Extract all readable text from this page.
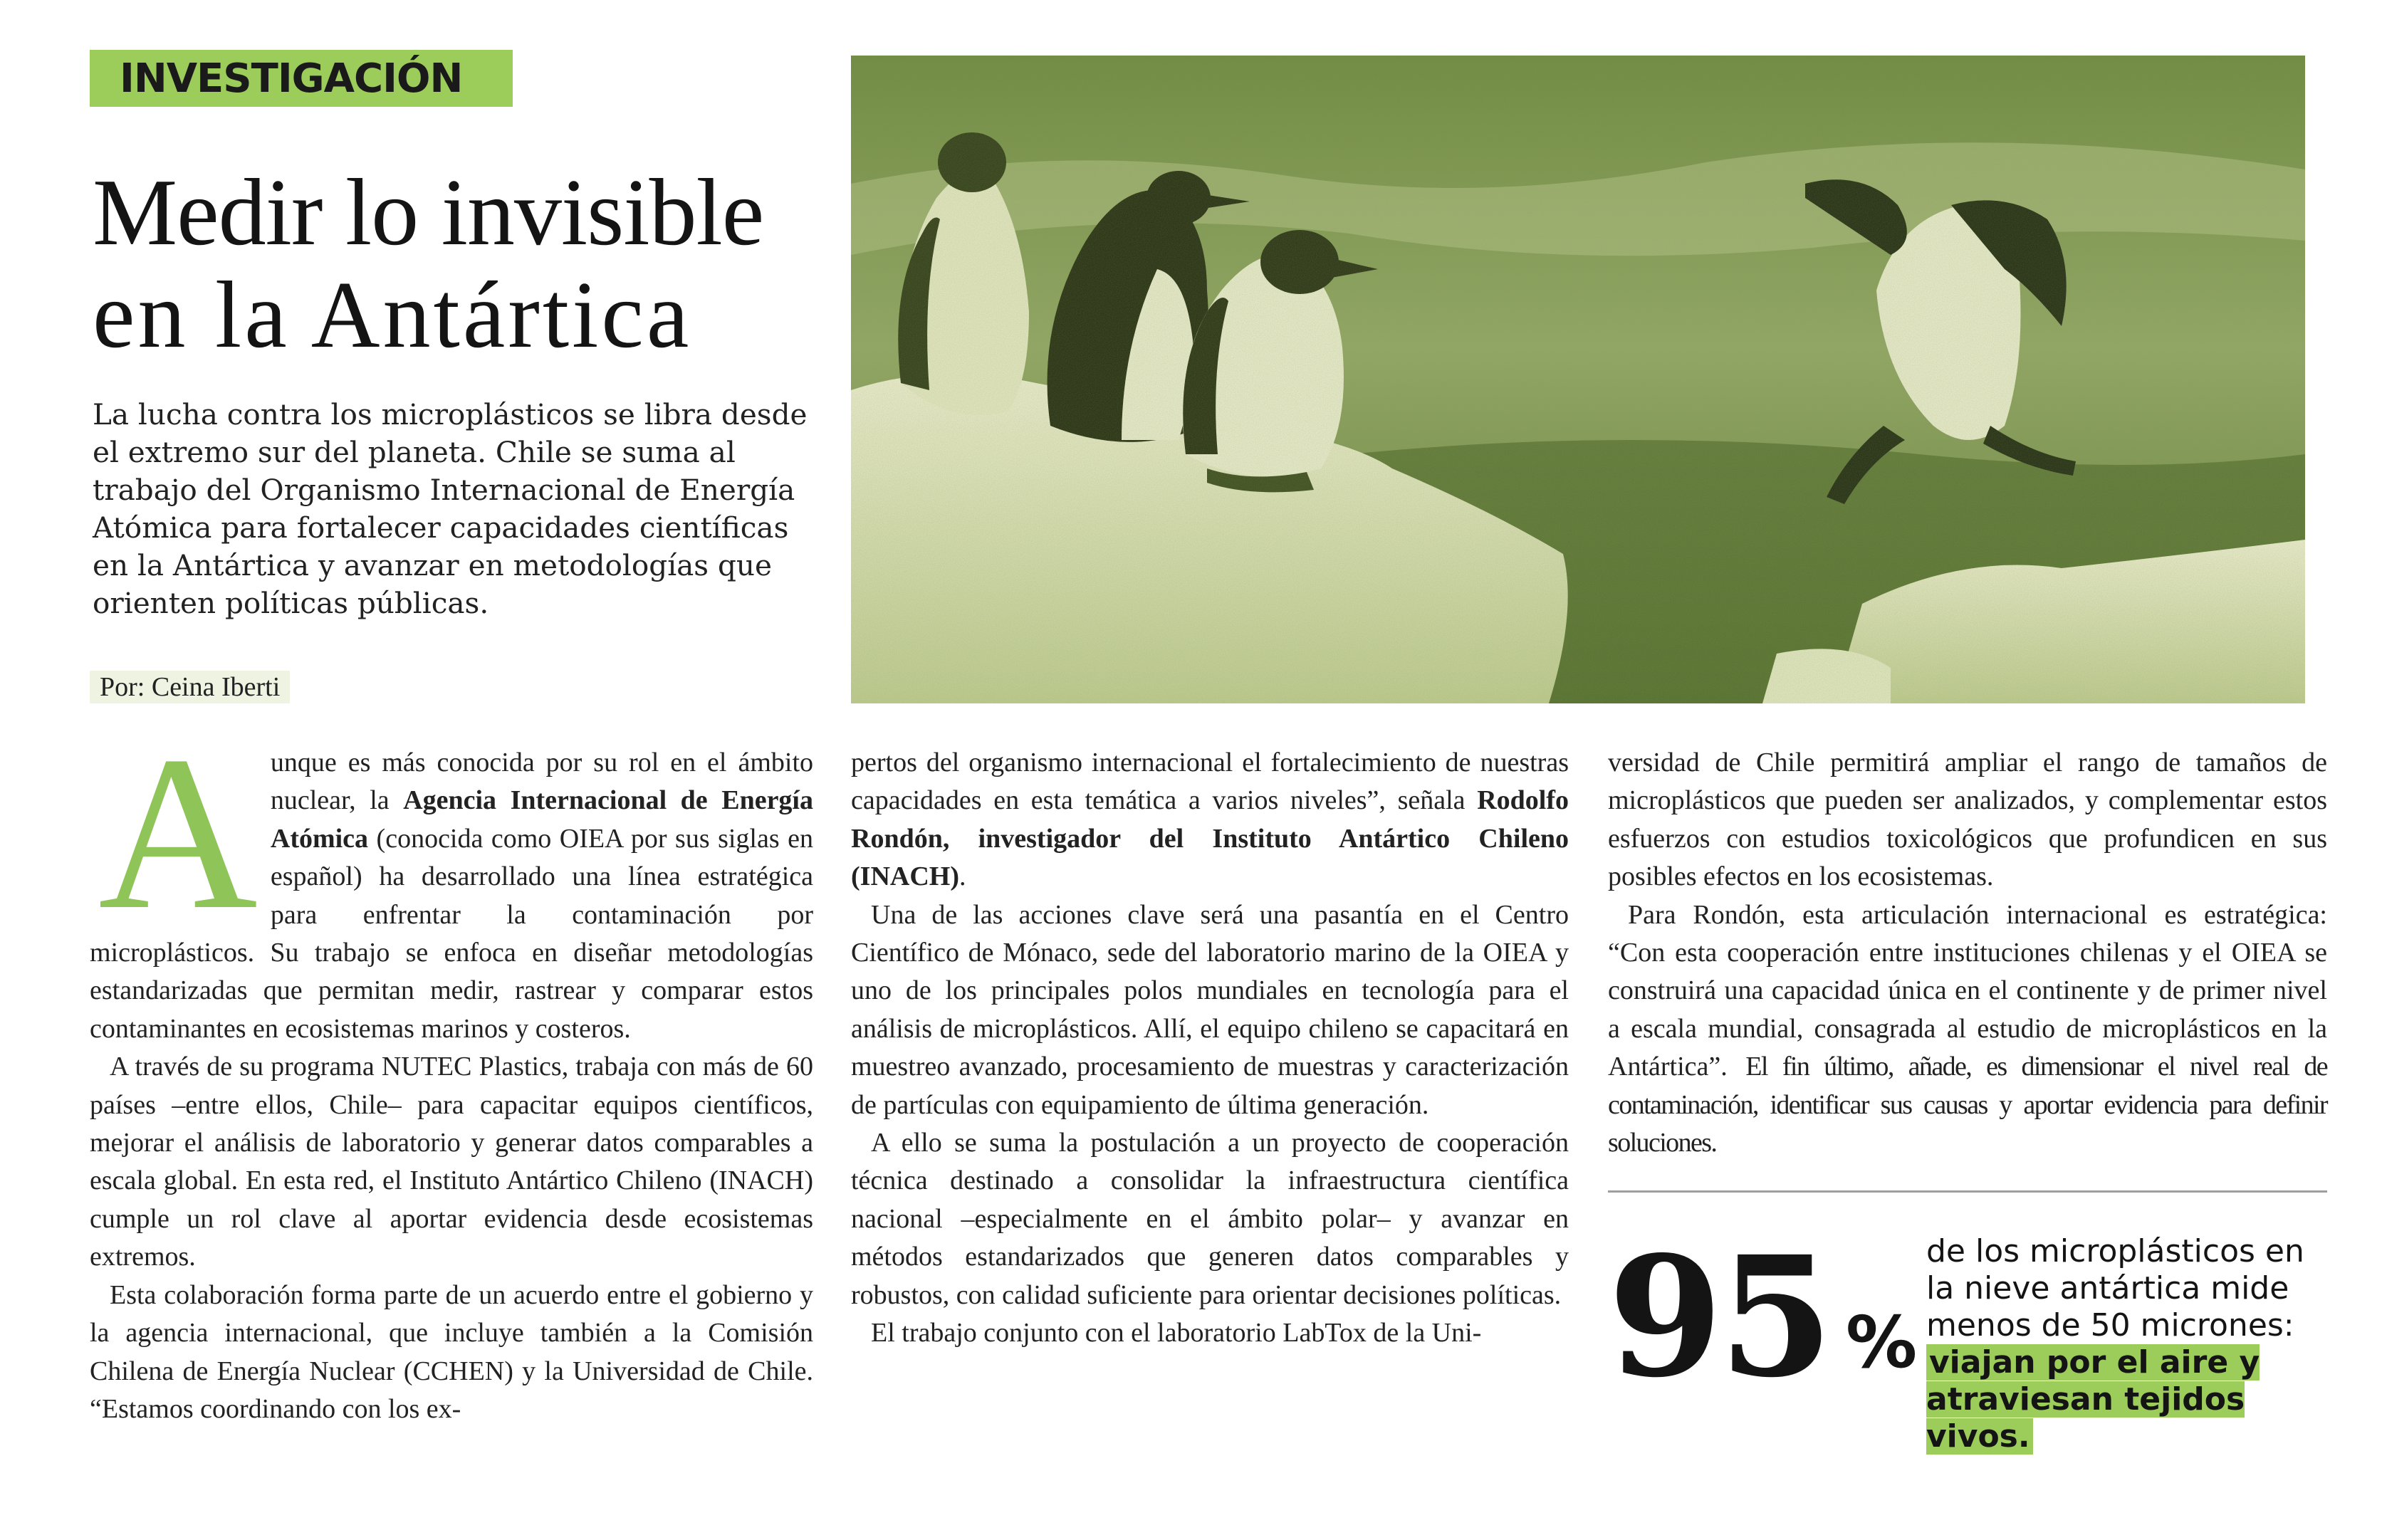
INVESTIGACIÓN
Medir lo invisible
en la Antártica

La lucha contra los microplásticos se libra desde el extremo sur del planeta. Chile se suma al trabajo del Organismo Internacional de Energía Atómica para fortalecer capacidades científicas en la Antártica y avanzar en metodologías que orienten políticas públicas.

Por: Ceina Iberti

Aunque es más conocida por su rol en el ámbito nuclear, la Agencia Internacional de Energía Atómica (conocida como OIEA por sus siglas en español) ha desarrollado una línea estratégica para enfrentar la contaminación por microplásticos. Su trabajo se enfoca en diseñar metodologías estandarizadas que permitan medir, rastrear y comparar estos contaminantes en ecosistemas marinos y costeros.

A través de su programa NUTEC Plastics, trabaja con más de 60 países –entre ellos, Chile– para capacitar equipos científicos, mejorar el análisis de laboratorio y generar datos comparables a escala global. En esta red, el Instituto Antártico Chileno (INACH) cumple un rol clave al aportar evidencia desde ecosistemas extremos.

Esta colaboración forma parte de un acuerdo entre el gobierno y la agencia internacional, que incluye también a la Comisión Chilena de Energía Nuclear (CCHEN) y la Universidad de Chile. “Estamos coordinando con los ex-

pertos del organismo internacional el fortalecimiento de nuestras capacidades en esta temática a varios niveles”, señala Rodolfo Rondón, investigador del Instituto Antártico Chileno (INACH).

Una de las acciones clave será una pasantía en el Centro Científico de Mónaco, sede del laboratorio marino de la OIEA y uno de los principales polos mundiales en tecnología para el análisis de microplásticos. Allí, el equipo chileno se capacitará en muestreo avanzado, procesamiento de muestras y caracterización de partículas con equipamiento de última generación.

A ello se suma la postulación a un proyecto de cooperación técnica destinado a consolidar la infraestructura científica nacional –especialmente en el ámbito polar– y avanzar en métodos estandarizados que generen datos comparables y robustos, con calidad suficiente para orientar decisiones políticas.

El trabajo conjunto con el laboratorio LabTox de la Uni-

versidad de Chile permitirá ampliar el rango de tamaños de microplásticos que pueden ser analizados, y complementar estos esfuerzos con estudios toxicológicos que profundicen en sus posibles efectos en los ecosistemas.

Para Rondón, esta articulación internacional es estratégica: “Con esta cooperación entre instituciones chilenas y el OIEA se construirá una capacidad única en el continente y de primer nivel a escala mundial, consagrada al estudio de microplásticos en la Antártica”. El fin último, añade, es dimensionar el nivel real de contaminación, identificar sus causas y aportar evidencia para definir soluciones.

95 %
de los microplásticos en la nieve antártica mide menos de 50 micrones: viajan por el aire y atraviesan tejidos vivos.
